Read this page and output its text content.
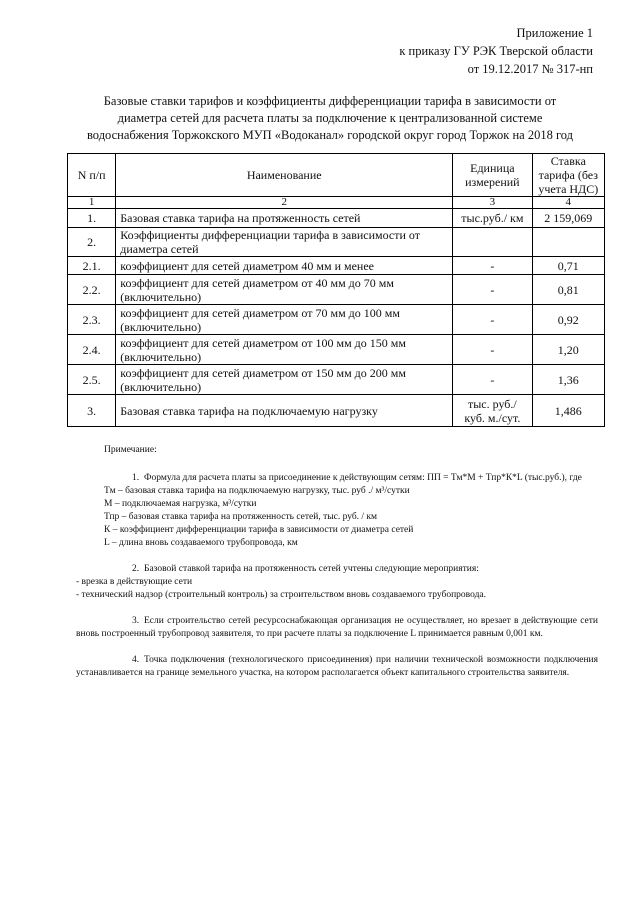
Приложение 1
к приказу ГУ РЭК Тверской области
от 19.12.2017 № 317-нп
Базовые ставки тарифов и коэффициенты дифференциации тарифа в зависимости от
диаметра сетей для расчета платы за подключение к централизованной системе
водоснабжения Торжокского МУП «Водоканал» городской округ город Торжок на 2018 год
N п/п	Наименование	Единица измерений	Ставка тарифа (без учета НДС)
1	2	3	4
1.	Базовая ставка тарифа на протяженность сетей	тыс.руб./ км	2 159,069
2.	Коэффициенты дифференциации тарифа в зависимости от диаметра сетей		
2.1.	коэффициент для сетей диаметром 40 мм и менее	-	0,71
2.2.	коэффициент для сетей диаметром от 40 мм до 70 мм (включительно)	-	0,81
2.3.	коэффициент для сетей диаметром от 70 мм до 100 мм (включительно)	-	0,92
2.4.	коэффициент для сетей диаметром от 100 мм до 150 мм (включительно)	-	1,20
2.5.	коэффициент для сетей диаметром от 150 мм до 200 мм (включительно)	-	1,36
3.	Базовая ставка тарифа на подключаемую нагрузку	тыс. руб./ куб. м./сут.	1,486

Примечание:

1. Формула для расчета платы за присоединение к действующим сетям: ПП = Тм*М + Тпр*К*L (тыс.руб.), где

Тм – базовая ставка тарифа на подключаемую нагрузку, тыс. руб ./ м³/сутки

М – подключаемая нагрузка, м³/сутки

Тпр – базовая ставка тарифа на протяженность сетей, тыс. руб. / км

К – коэффициент дифференциации тарифа в зависимости от диаметра сетей

L – длина вновь создаваемого трубопровода, км

2. Базовой ставкой тарифа на протяженность сетей учтены следующие мероприятия:

- врезка в действующие сети

- технический надзор (строительный контроль) за строительством вновь создаваемого трубопровода.

3. Если строительство сетей ресурсоснабжающая организация не осуществляет, но врезает в действующие сети вновь построенный трубопровод заявителя, то при расчете платы за подключение L принимается равным 0,001 км.

4. Точка подключения (технологического присоединения) при наличии технической возможности подключения устанавливается на границе земельного участка, на котором располагается объект капитального строительства заявителя.
